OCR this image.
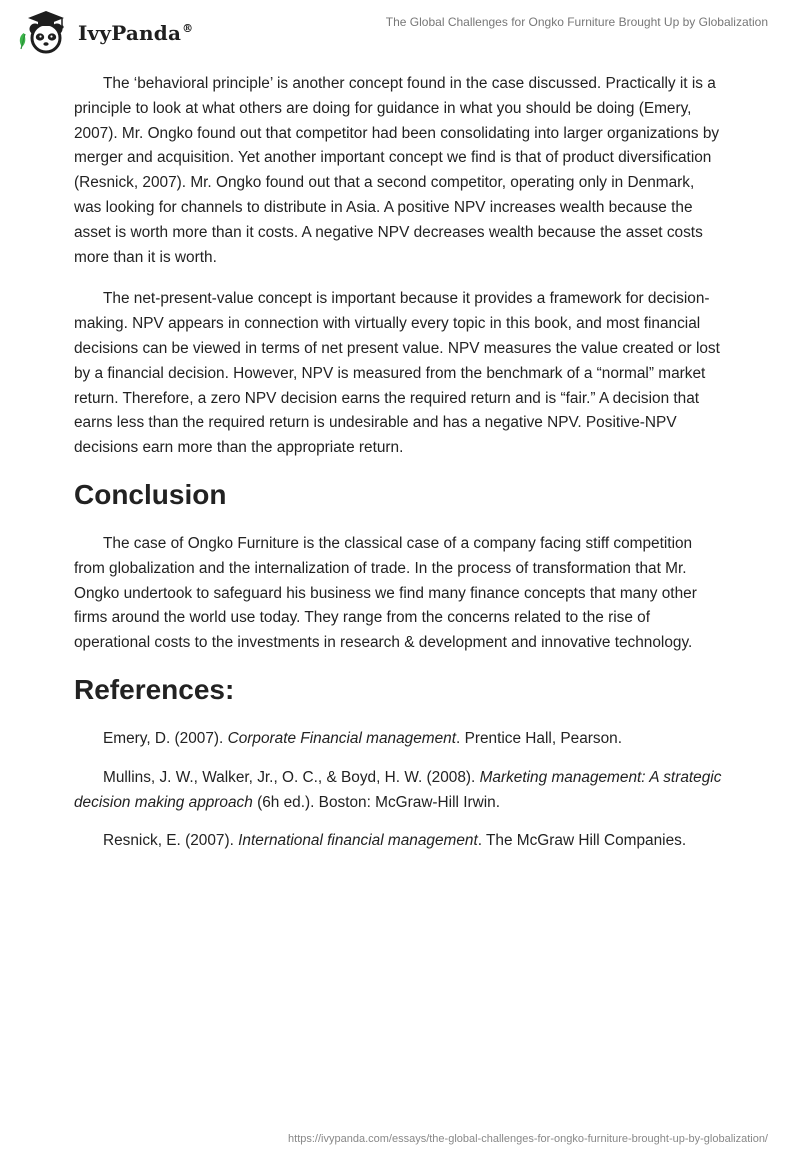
IvyPanda®	The Global Challenges for Ongko Furniture Brought Up by Globalization

The ‘behavioral principle’ is another concept found in the case discussed. Practically it is a principle to look at what others are doing for guidance in what you should be doing (Emery, 2007). Mr. Ongko found out that competitor had been consolidating into larger organizations by merger and acquisition. Yet another important concept we find is that of product diversification (Resnick, 2007). Mr. Ongko found out that a second competitor, operating only in Denmark, was looking for channels to distribute in Asia. A positive NPV increases wealth because the asset is worth more than it costs. A negative NPV decreases wealth because the asset costs more than it is worth.

The net-present-value concept is important because it provides a framework for decision-making. NPV appears in connection with virtually every topic in this book, and most financial decisions can be viewed in terms of net present value. NPV measures the value created or lost by a financial decision. However, NPV is measured from the benchmark of a “normal” market return. Therefore, a zero NPV decision earns the required return and is “fair.” A decision that earns less than the required return is undesirable and has a negative NPV. Positive-NPV decisions earn more than the appropriate return.

Conclusion

The case of Ongko Furniture is the classical case of a company facing stiff competition from globalization and the internalization of trade. In the process of transformation that Mr. Ongko undertook to safeguard his business we find many finance concepts that many other firms around the world use today. They range from the concerns related to the rise of operational costs to the investments in research & development and innovative technology.

References:

Emery, D. (2007). Corporate Financial management. Prentice Hall, Pearson.

Mullins, J. W., Walker, Jr., O. C., & Boyd, H. W. (2008). Marketing management: A strategic decision making approach (6h ed.). Boston: McGraw-Hill Irwin.

Resnick, E. (2007). International financial management. The McGraw Hill Companies.

https://ivypanda.com/essays/the-global-challenges-for-ongko-furniture-brought-up-by-globalization/
